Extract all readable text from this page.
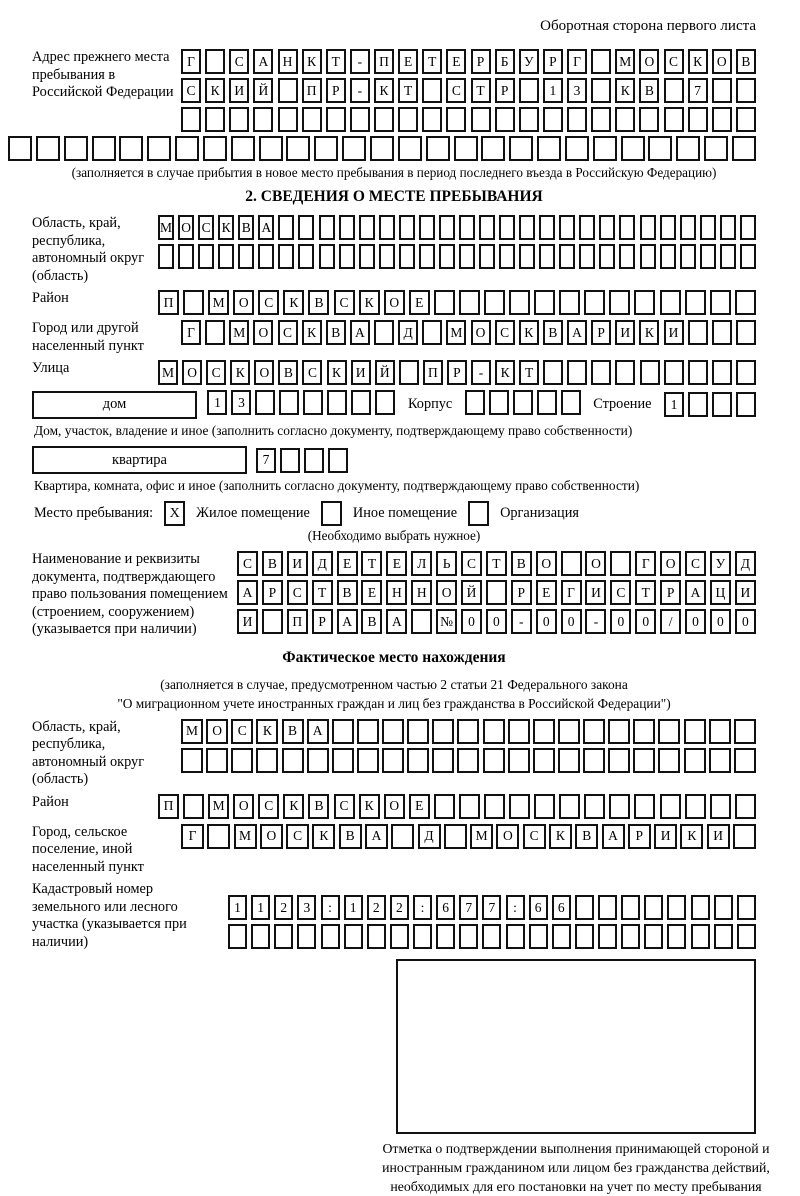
Оборотная сторона первого листа
Адрес прежнего места пребывания в Российской Федерации
Г	С	А	Н	К	Т	-	П	Е	Т	Е	Р	Б	У	Р	Г	М О	С	К	О	В
С	К	И	Й	П	Р	-	К	Т	С	Т	Р	1	3	К	В	7
(заполняется в случае прибытия в новое место пребывания в период последнего въезда в Российскую Федерацию)
2. СВЕДЕНИЯ О МЕСТЕ ПРЕБЫВАНИЯ
Область, край, республика, автономный округ (область)
М О С К В А
Район	П	М	О	С	К	В	С	К	О	Е
Город или другой населенный пункт
Г	М О	С	К	В	А	Д	М О	С	К	В	А	Р	И	К	И
Улица	М О	С	К	О	В	С	К	И	Й	П	Р	-	К	Т
дом	1	3	Корпус	Строение	1
Дом, участок, владение и иное (заполнить согласно документу, подтверждающему право собственности)
квартира	7
Квартира, комната, офис и иное (заполнить согласно документу, подтверждающему право собственности)
Место пребывания:	X	Жилое помещение	Иное помещение	Организация
(Необходимо выбрать нужное)
Наименование и реквизиты документа, подтверждающего право пользования помещением (строением, сооружением) (указывается при наличии)
С	В	И	Д	Е	Т	Е	Л	Ь	С	Т	В	О	О	Г	О	С	У	Д
А	Р	С	Т	В	Е	Н	Н	О	Й	Р	Е	Г	И	С	Т	Р	А	Ц	И
И	П	Р	А	В	А	№	0	0	-	0	0	-	0	0	/	0	0	0
Фактическое место нахождения
(заполняется в случае, предусмотренном частью 2 статьи 21 Федерального закона
"О миграционном учете иностранных граждан и лиц без гражданства в Российской Федерации")
Область, край, республика, автономный округ (область)
М	О	С	К	В	А
Район	П	М	О	С	К	В	С	К	О	Е
Город, сельское поселение, иной населенный пункт
Г	М	О	С	К	В	А	Д	М	О	С	К	В	А	Р	И	К	И
Кадастровый номер земельного или лесного участка (указывается при наличии)
1	1	2	3	:	1	2	2	:	6	7	7	:	6	6
Отметка о подтверждении выполнения принимающей стороной и иностранным гражданином или лицом без гражданства действий, необходимых для его постановки на учет по месту пребывания
